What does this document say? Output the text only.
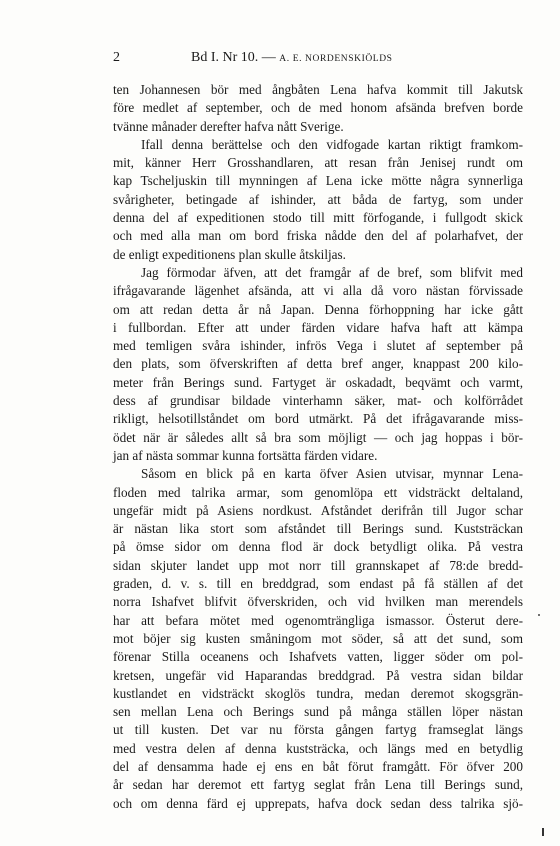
2	Bd I. Nr 10. — A. E. NORDENSKIÖLDS
ten Johannesen bör med ångbåten Lena hafva kommit till Jakutsk
före medlet af september, och de med honom afsända brefven borde
tvänne månader derefter hafva nått Sverige.
Ifall denna berättelse och den vidfogade kartan riktigt framkom-
mit, känner Herr Grosshandlaren, att resan från Jenisej rundt om
kap Tscheljuskin till mynningen af Lena icke mötte några synnerliga
svårigheter, betingade af ishinder, att båda de fartyg, som under
denna del af expeditionen stodo till mitt förfogande, i fullgodt skick
och med alla man om bord friska nådde den del af polarhafvet, der
de enligt expeditionens plan skulle åtskiljas.
Jag förmodar äfven, att det framgår af de bref, som blifvit med
ifrågavarande lägenhet afsända, att vi alla då voro nästan förvissade
om att redan detta år nå Japan. Denna förhoppning har icke gått
i fullbordan. Efter att under färden vidare hafva haft att kämpa
med temligen svåra ishinder, infrös Vega i slutet af september på
den plats, som öfverskriften af detta bref anger, knappast 200 kilo-
meter från Berings sund. Fartyget är oskadadt, beqvämt och varmt,
dess af grundisar bildade vinterhamn säker, mat- och kolförrådet
rikligt, helsotillståndet om bord utmärkt. På det ifrågavarande miss-
ödet när är således allt så bra som möjligt — och jag hoppas i bör-
jan af nästa sommar kunna fortsätta färden vidare.
Såsom en blick på en karta öfver Asien utvisar, mynnar Lena-
floden med talrika armar, som genomlöpa ett vidsträckt deltaland,
ungefär midt på Asiens nordkust. Afståndet derifrån till Jugor schar
är nästan lika stort som afståndet till Berings sund. Kuststräckan
på ömse sidor om denna flod är dock betydligt olika. På vestra
sidan skjuter landet upp mot norr till grannskapet af 78:de bredd-
graden, d. v. s. till en breddgrad, som endast på få ställen af det
norra Ishafvet blifvit öfverskriden, och vid hvilken man merendels
har att befara mötet med ogenomträngliga ismassor. Österut dere-
mot böjer sig kusten småningom mot söder, så att det sund, som
förenar Stilla oceanens och Ishafvets vatten, ligger söder om pol-
kretsen, ungefär vid Haparandas breddgrad. På vestra sidan bildar
kustlandet en vidsträckt skoglös tundra, medan deremot skogsgrän-
sen mellan Lena och Berings sund på många ställen löper nästan
ut till kusten. Det var nu första gången fartyg framseglat längs
med vestra delen af denna kuststräcka, och längs med en betydlig
del af densamma hade ej ens en båt förut framgått. För öfver 200
år sedan har deremot ett fartyg seglat från Lena till Berings sund,
och om denna färd ej upprepats, hafva dock sedan dess talrika sjö-
